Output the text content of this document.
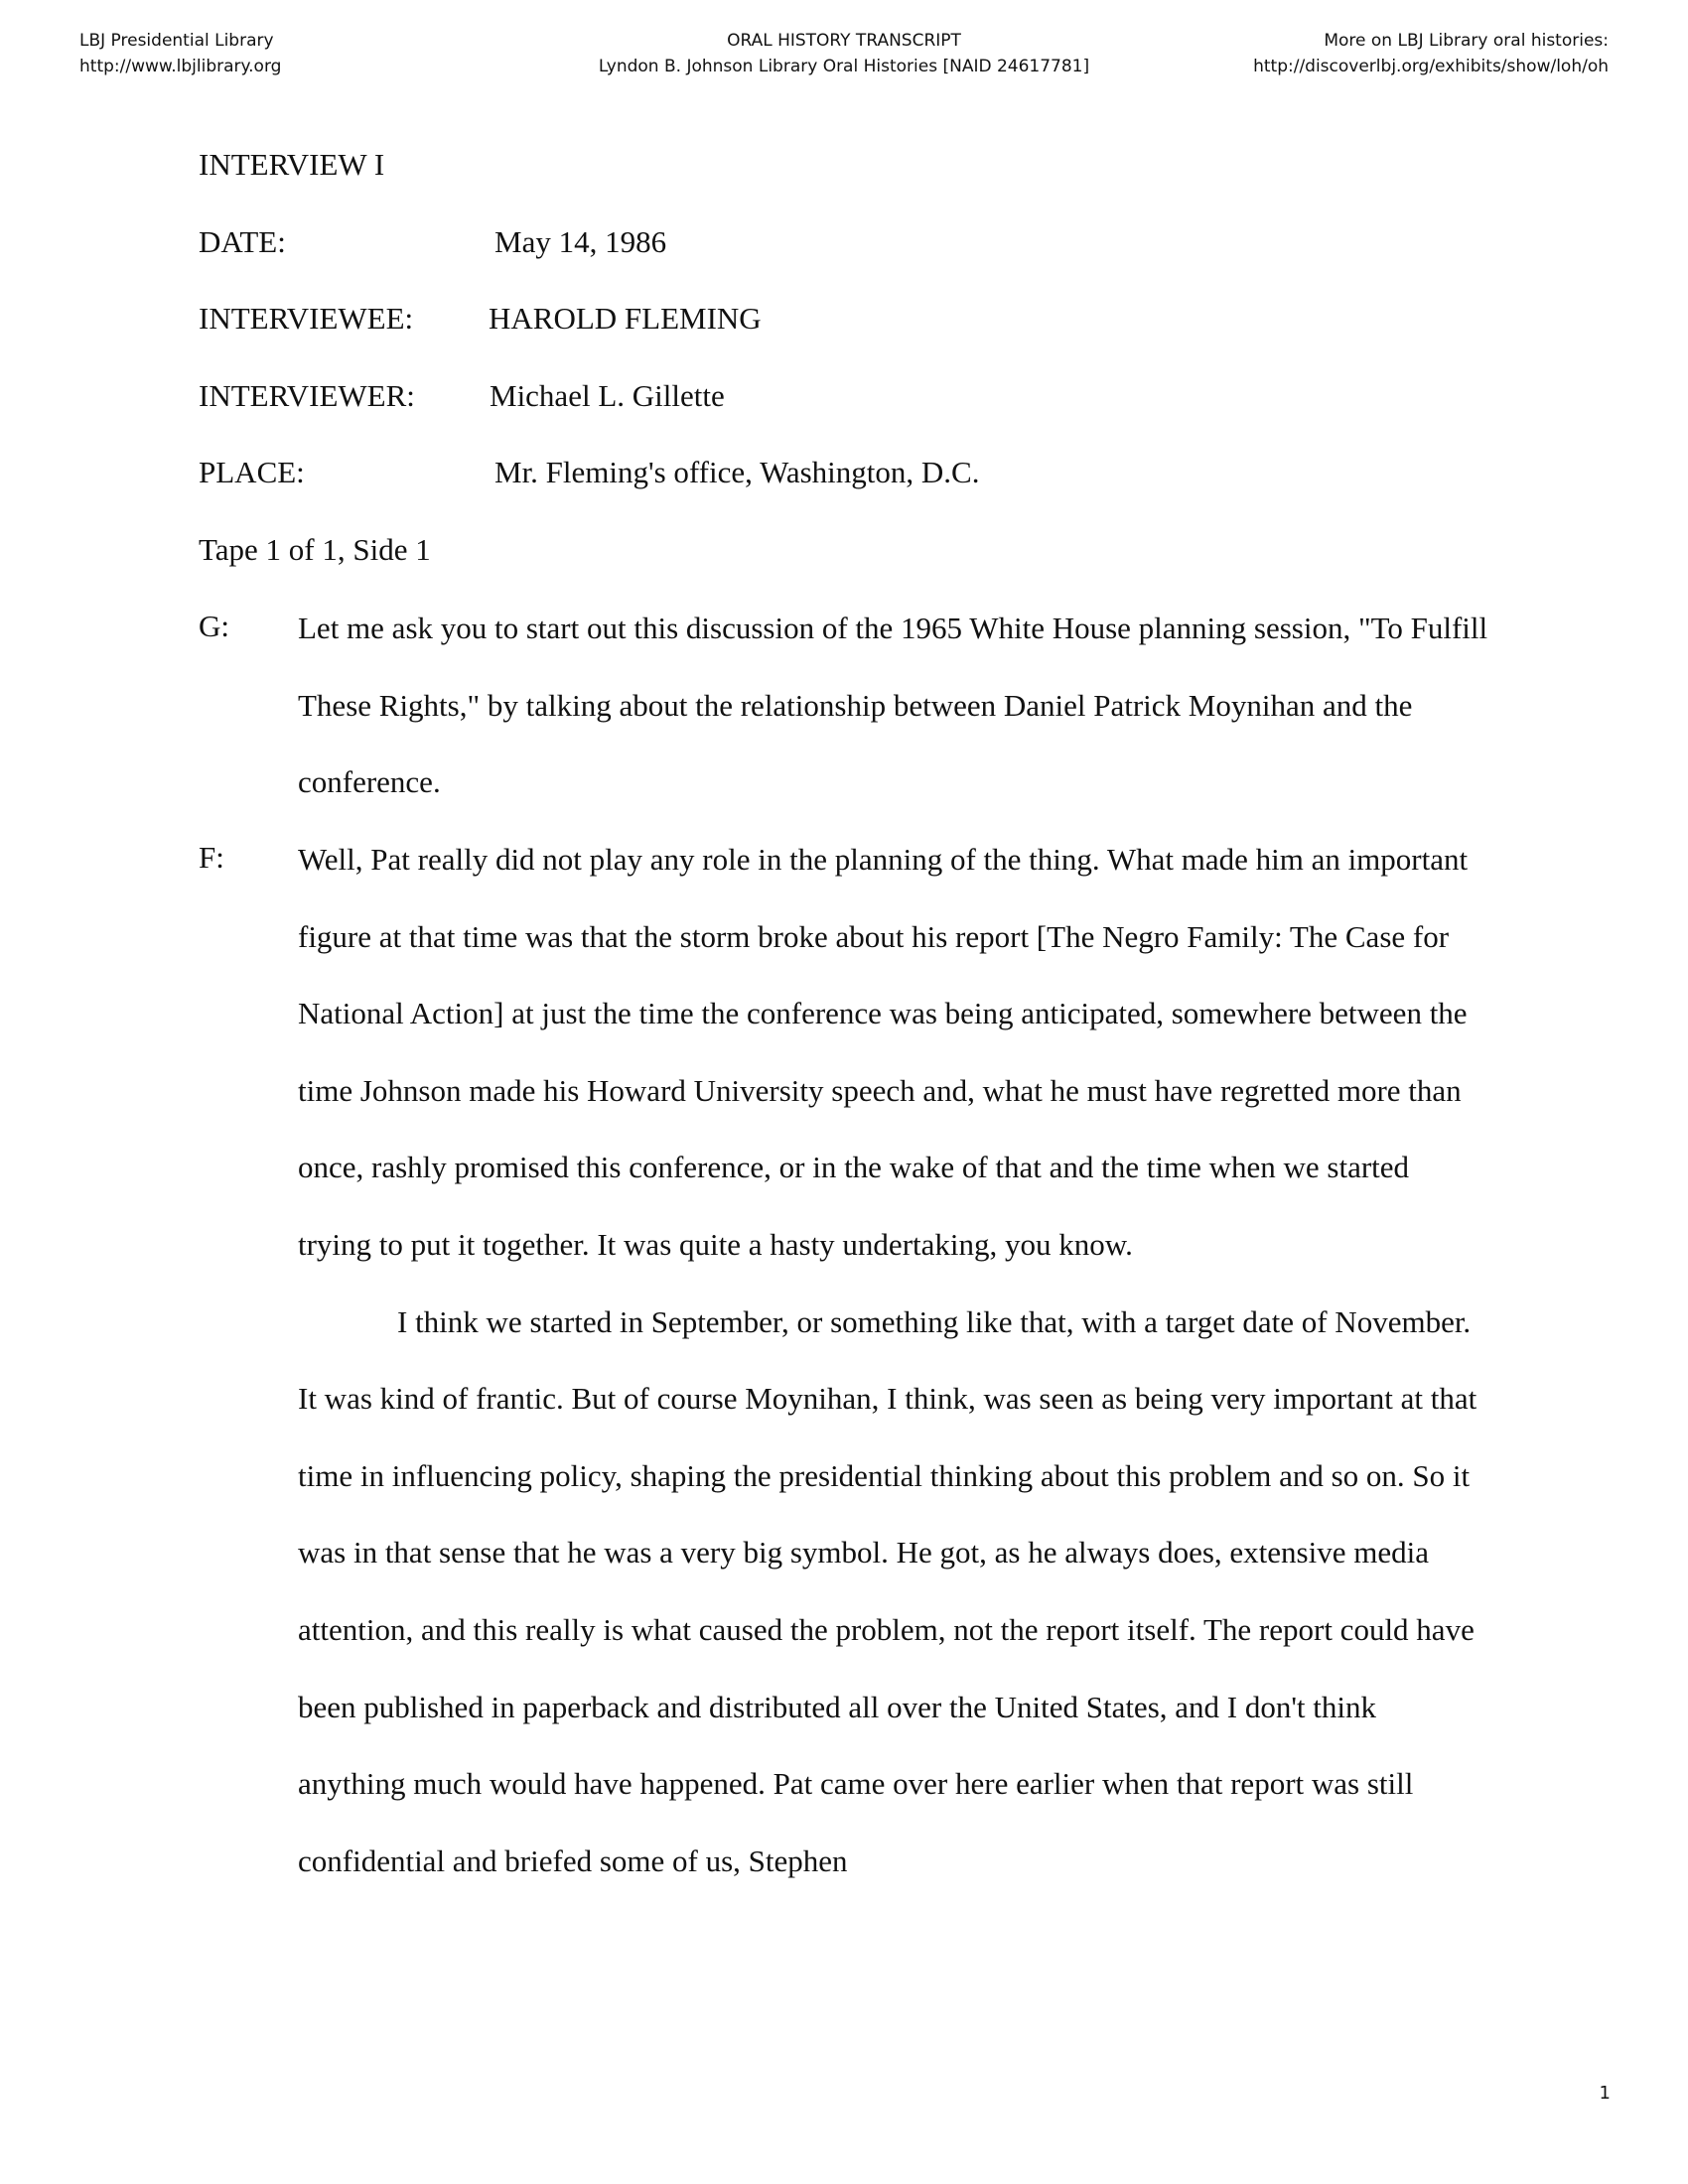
LBJ Presidential Library
http://www.lbjlibrary.org
ORAL HISTORY TRANSCRIPT
Lyndon B. Johnson Library Oral Histories [NAID 24617781]
More on LBJ Library oral histories:
http://discoverlbj.org/exhibits/show/loh/oh
INTERVIEW I
DATE:	May 14, 1986
INTERVIEWEE: HAROLD FLEMING
INTERVIEWER: Michael L. Gillette
PLACE:	Mr. Fleming's office, Washington, D.C.
Tape 1 of 1, Side 1
G: Let me ask you to start out this discussion of the 1965 White House planning session, "To Fulfill These Rights," by talking about the relationship between Daniel Patrick Moynihan and the conference.

F: Well, Pat really did not play any role in the planning of the thing. What made him an important figure at that time was that the storm broke about his report [The Negro Family: The Case for National Action] at just the time the conference was being anticipated, somewhere between the time Johnson made his Howard University speech and, what he must have regretted more than once, rashly promised this conference, or in the wake of that and the time when we started trying to put it together. It was quite a hasty undertaking, you know.

I think we started in September, or something like that, with a target date of November. It was kind of frantic. But of course Moynihan, I think, was seen as being very important at that time in influencing policy, shaping the presidential thinking about this problem and so on. So it was in that sense that he was a very big symbol. He got, as he always does, extensive media attention, and this really is what caused the problem, not the report itself. The report could have been published in paperback and distributed all over the United States, and I don't think anything much would have happened. Pat came over here earlier when that report was still confidential and briefed some of us, Stephen

1
